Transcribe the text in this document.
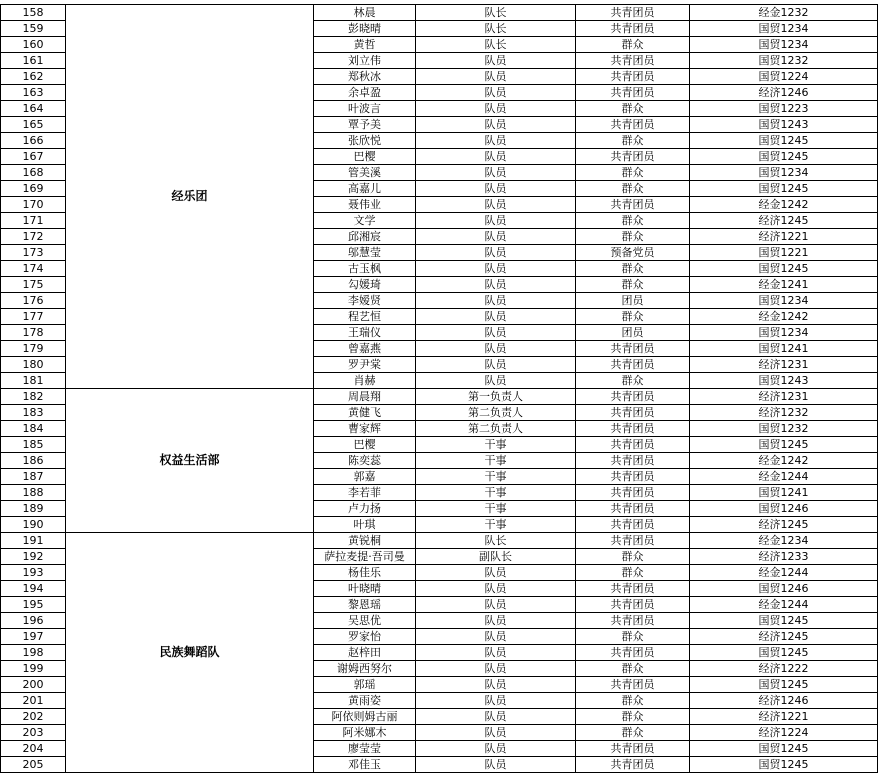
158	经乐团	林晨	队长	共青团员	经金1232
159		彭晓晴	队长	共青团员	国贸1234
160		黄哲	队长	群众	国贸1234
161		刘立伟	队员	共青团员	国贸1232
162		郑秋冰	队员	共青团员	国贸1224
163		余卓盈	队员	共青团员	经济1246
164		叶波言	队员	群众	国贸1223
165		覃予美	队员	共青团员	国贸1243
166		张欣悦	队员	群众	国贸1245
167		巴樱	队员	共青团员	国贸1245
168		管美溪	队员	群众	国贸1234
169		高嘉儿	队员	群众	国贸1245
170		聂伟业	队员	共青团员	经金1242
171		文学	队员	群众	经济1245
172		邱湘宸	队员	群众	经济1221
173		邬慧莹	队员	预备党员	国贸1221
174		古玉枫	队员	群众	国贸1245
175		勾媛琦	队员	群众	经金1241
176		李嫒贤	队员	团员	国贸1234
177		程艺恒	队员	群众	经金1242
178		王瑞仪	队员	团员	国贸1234
179		曾嘉燕	队员	共青团员	国贸1241
180		罗尹棠	队员	共青团员	经济1231
181		肖赫	队员	群众	国贸1243
182	权益生活部	周晨翔	第一负责人	共青团员	经济1231
183		黄健飞	第二负责人	共青团员	经济1232
184		曹家辉	第二负责人	共青团员	国贸1232
185		巴樱	干事	共青团员	国贸1245
186		陈奕蕊	干事	共青团员	经金1242
187		郭嘉	干事	共青团员	经金1244
188		李若菲	干事	共青团员	国贸1241
189		卢力扬	干事	共青团员	国贸1246
190		叶琪	干事	共青团员	经济1245
191	民族舞蹈队	黄锐桐	队长	共青团员	经金1234
192		萨拉麦提·吾司曼	副队长	群众	经济1233
193		杨佳乐	队员	群众	经金1244
194		叶晓晴	队员	共青团员	国贸1246
195		黎恩瑶	队员	共青团员	经金1244
196		吴思优	队员	共青团员	国贸1245
197		罗家怡	队员	群众	经济1245
198		赵梓田	队员	共青团员	国贸1245
199		谢姆西努尔	队员	群众	经济1222
200		郭瑶	队员	共青团员	国贸1245
201		黄雨姿	队员	群众	经济1246
202		阿依则姆古丽	队员	群众	经济1221
203		阿米娜木	队员	群众	经济1224
204		廖莹莹	队员	共青团员	国贸1245
205		邓佳玉	队员	共青团员	国贸1245
